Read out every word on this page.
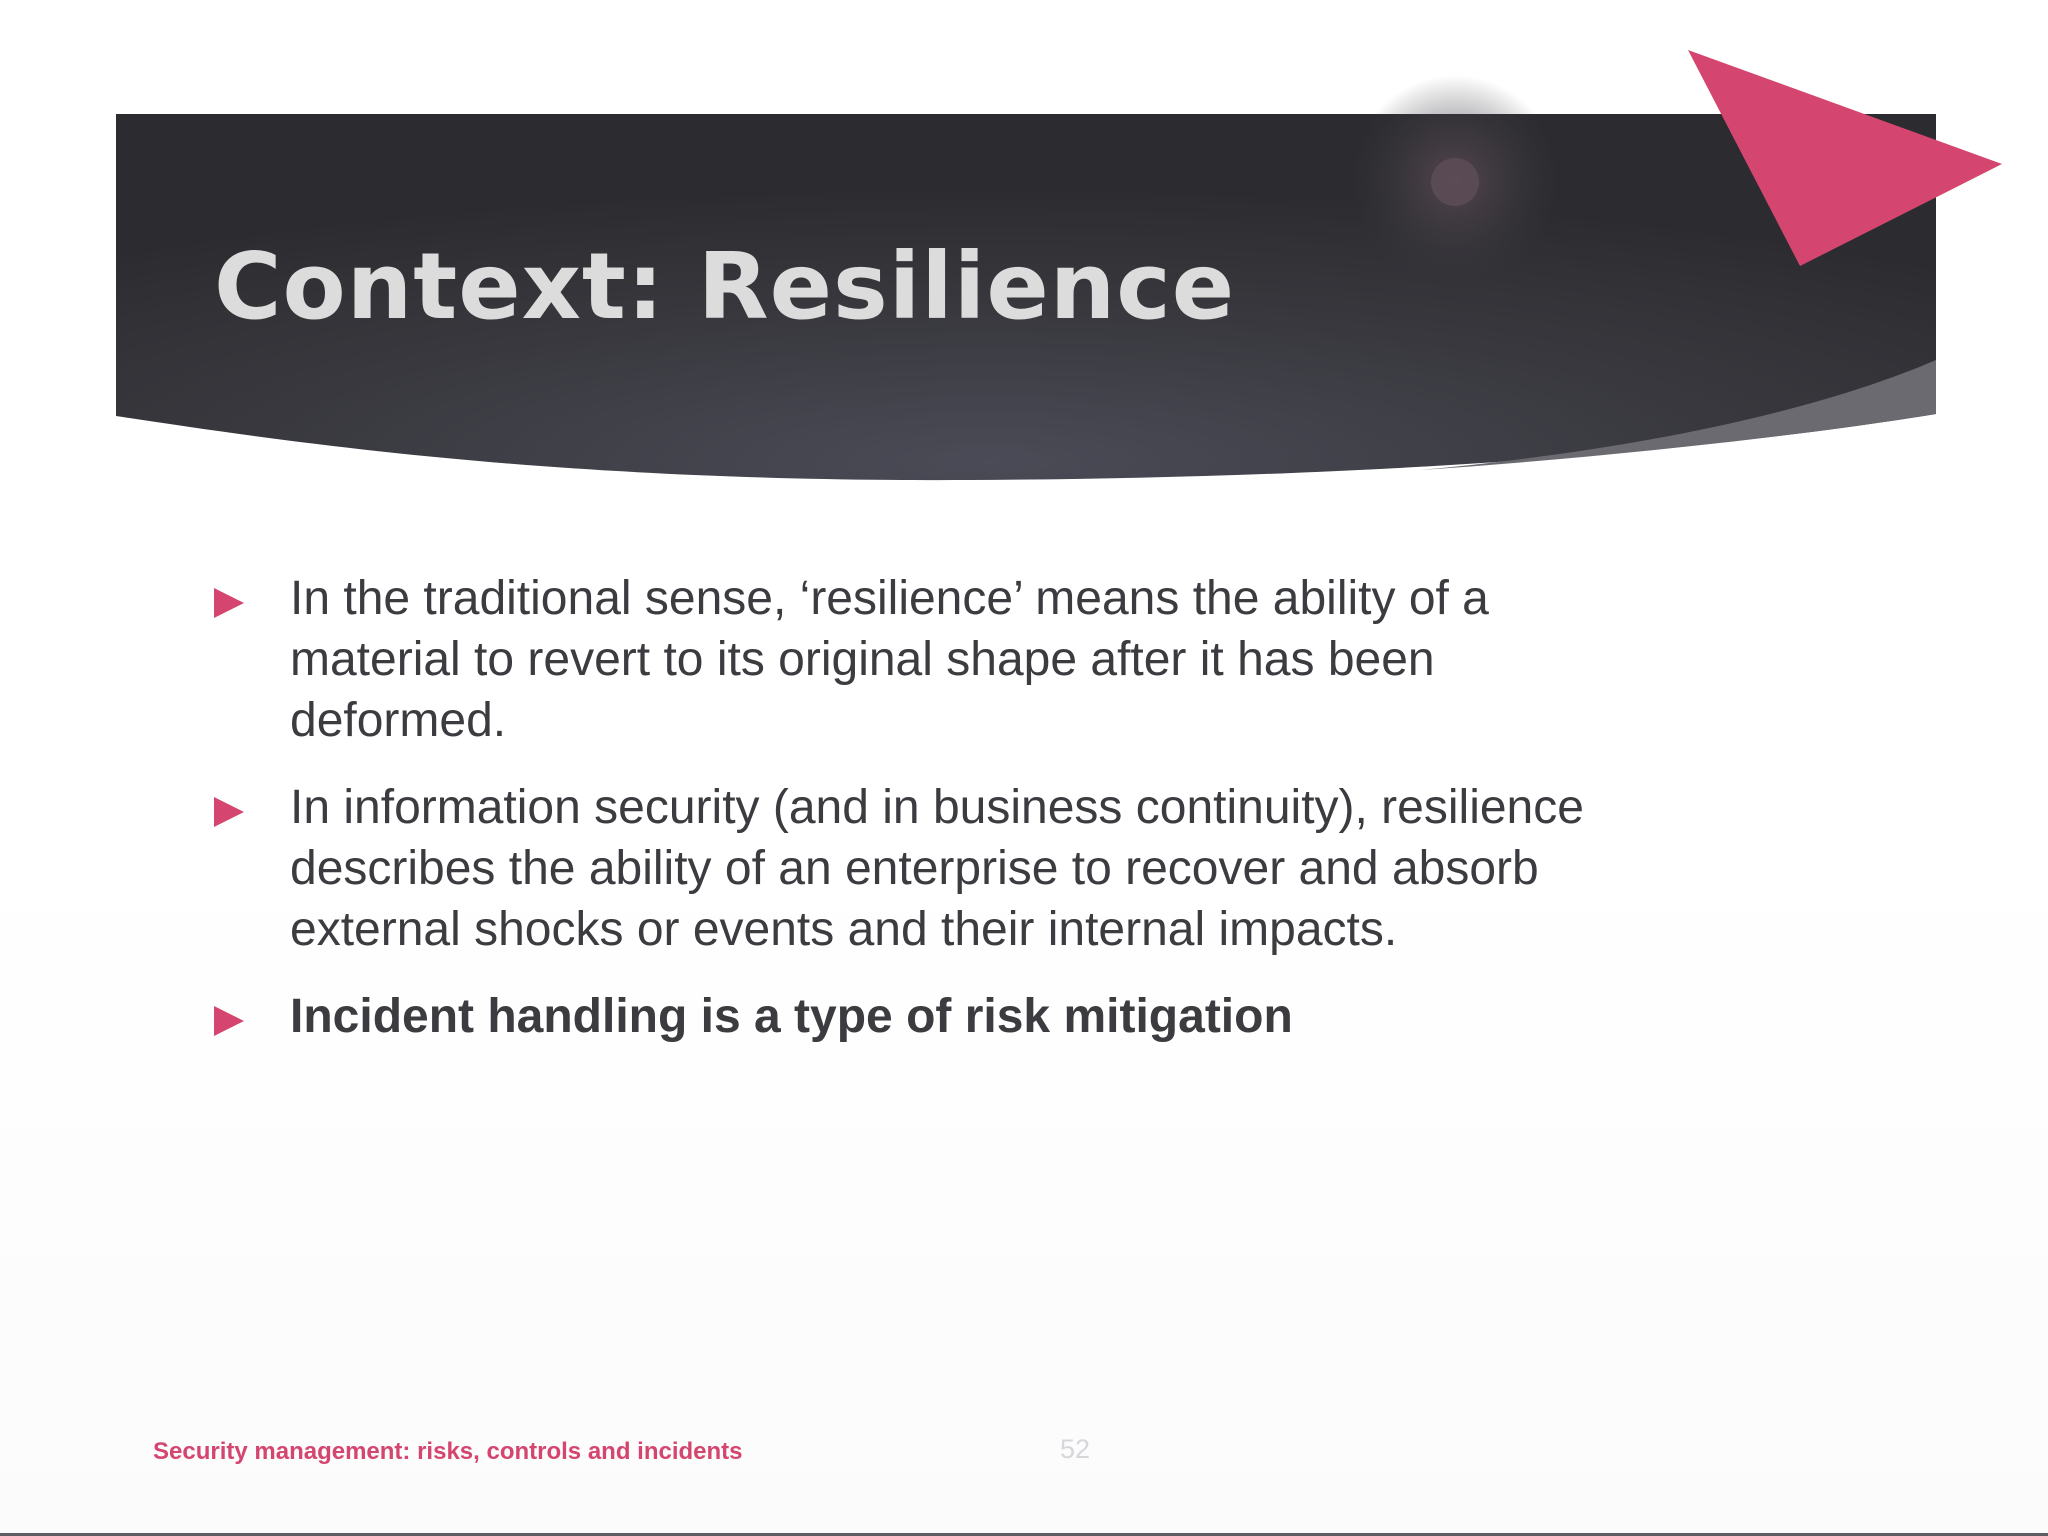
Context: Resilience
In the traditional sense, ‘resilience’ means the ability of a material to revert to its original shape after it has been deformed.
In information security (and in business continuity), resilience describes the ability of an enterprise to recover and absorb external shocks or events and their internal impacts.
Incident handling is a type of risk mitigation
Security management: risks, controls and incidents	52
